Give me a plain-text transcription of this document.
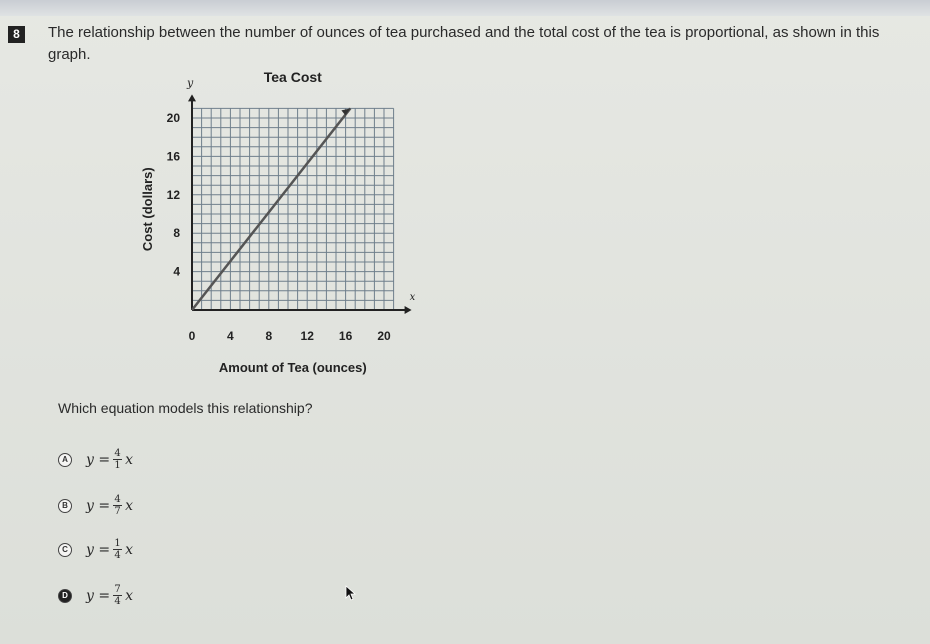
8	The relationship between the number of ounces of tea purchased and the total cost of the tea is proportional, as shown in this graph.
0	4	8 12 16 20
4
8
12
16
20
Tea Cost
Amount of Tea (ounces)
Cost (dollars)
x
y
Which equation models this relationship?
A $y = \frac{4}{1}$ x
B $y = \frac{4}{7}$ x
C $y = \frac{1}{4}$ x
D $y = \frac{7}{4}$ x
